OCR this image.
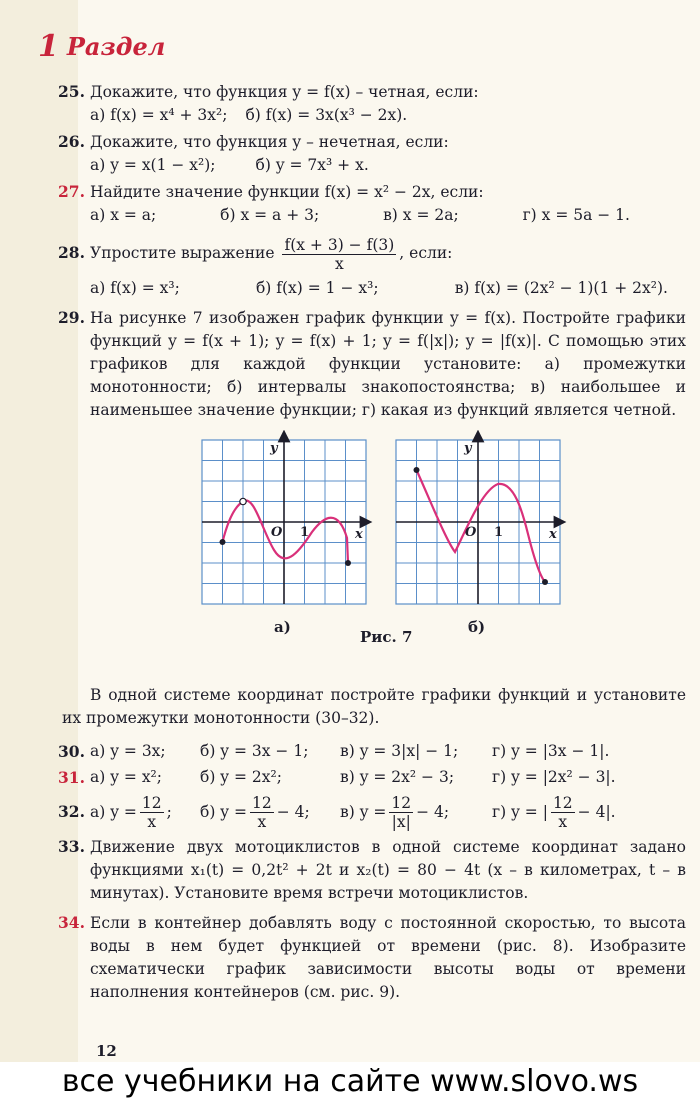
1 Раздел
25. Докажите, что функция y = f(x) – четная, если:
а) f(x) = x⁴ + 3x²; б) f(x) = 3x(x³ − 2x).
26. Докажите, что функция y – нечетная, если:
а) y = x(1 − x²);	б) y = 7x³ + x.
27. Найдите значение функции f(x) = x² − 2x, если:
а) x = a;	б) x = a + 3;	в) x = 2a;	г) x = 5a − 1.
28. Упростите выражение $\frac{f(x + 3) - f(3)}{x}$ , если:
а) f(x) = x³;	б) f(x) = 1 − x³;	в) f(x) = (2x² − 1)(1 + 2x²).
29. На рисунке 7 изображен график функции y = f(x). Постройте графики функций y = f(x + 1); y = f(x) + 1; y = f(|x|); y = |f(x)|. С помощью этих графиков для каждой функции установите: а) промежутки монотонности; б) интервалы знакопостоянства; в) наибольшее и наименьшее значение функции; г) какая из функций является четной.
y
x
O 1
y
x
O 1
а)
Рис. 7
б)
В одной системе координат постройте графики функций и установите их промежутки монотонности (30–32).
30. а) y = 3x;	б) y = 3x − 1;	в) y = 3|x| − 1;	г) y = |3x − 1|.
31. а) y = x²;	б) y = 2x²;	в) y = 2x² − 3;	г) y = |2x² − 3|.
32. а) $y = \frac{12}{x}$ ; б) $y = \frac{12}{x} - 4$; в) $y = \frac{12}{|x|} - 4$;	г) y = | $\frac{12}{x} - 4|$.
33. Движение двух мотоциклистов в одной системе координат задано функциями x₁(t) = 0,2t² + 2t и x₂(t) = 80 − 4t (x – в километрах, t – в минутах). Установите время встречи мотоциклистов.
34. Если в контейнер добавлять воду с постоянной скоростью, то высота воды в нем будет функцией от времени (рис. 8). Изобразите схематически график зависимости высоты воды от времени наполнения контейнеров (см. рис. 9).
12
все учебники на сайте www.slovo.ws
